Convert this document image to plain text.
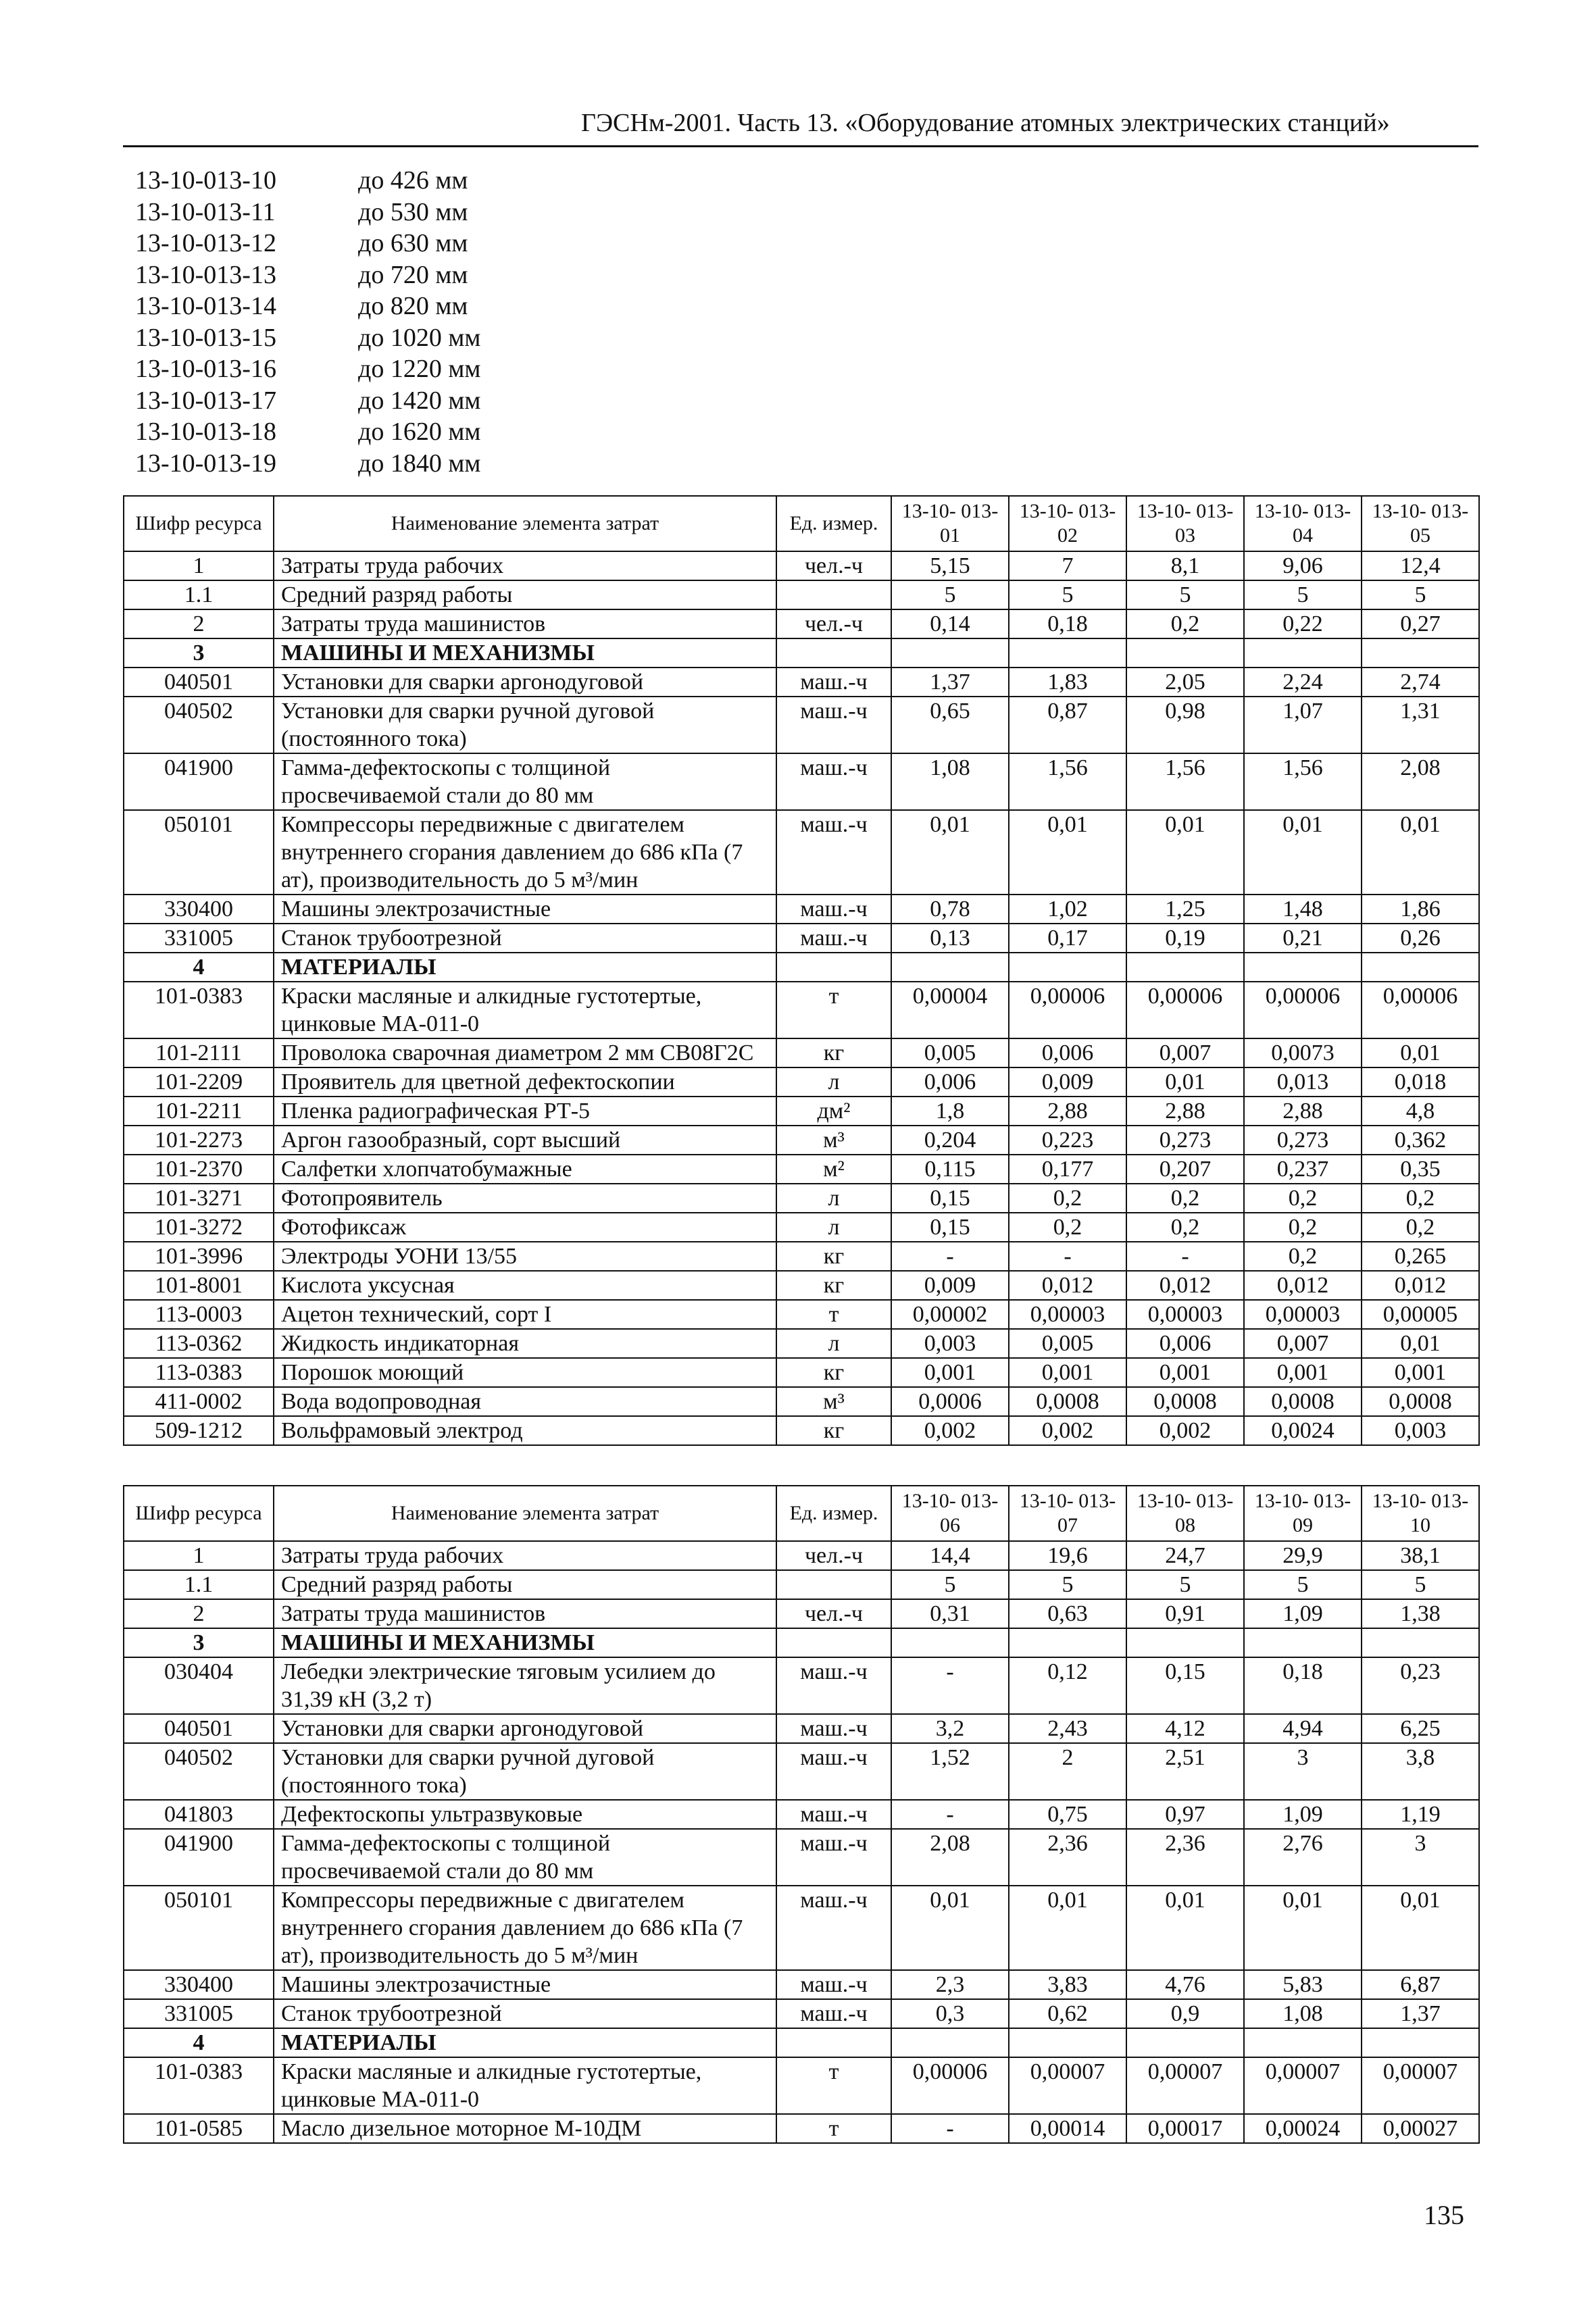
ГЭСНм-2001. Часть 13. «Оборудование атомных электрических станций»
13-10-013-10	до 426 мм
13-10-013-11	до 530 мм
13-10-013-12	до 630 мм
13-10-013-13	до 720 мм
13-10-013-14	до 820 мм
13-10-013-15	до 1020 мм
13-10-013-16	до 1220 мм
13-10-013-17	до 1420 мм
13-10-013-18	до 1620 мм
13-10-013-19	до 1840 мм
Шифр ресурса	Наименование элемента затрат	Ед. измер.	13-10- 013-01	13-10- 013-02	13-10- 013-03	13-10- 013-04	13-10- 013-05
1	Затраты труда рабочих	чел.-ч	5,15	7	8,1	9,06	12,4
1.1	Средний разряд работы		5	5	5	5	5
2	Затраты труда машинистов	чел.-ч	0,14	0,18	0,2	0,22	0,27
3	МАШИНЫ И МЕХАНИЗМЫ						
040501	Установки для сварки аргонодуговой	маш.-ч	1,37	1,83	2,05	2,24	2,74
040502	Установки для сварки ручной дуговой (постоянного тока)	маш.-ч	0,65	0,87	0,98	1,07	1,31
041900	Гамма-дефектоскопы с толщиной просвечиваемой стали до 80 мм	маш.-ч	1,08	1,56	1,56	1,56	2,08
050101	Компрессоры передвижные с двигателем внутреннего сгорания давлением до 686 кПа (7 ат), производительность до 5 м³/мин	маш.-ч	0,01	0,01	0,01	0,01	0,01
330400	Машины электрозачистные	маш.-ч	0,78	1,02	1,25	1,48	1,86
331005	Станок трубоотрезной	маш.-ч	0,13	0,17	0,19	0,21	0,26
4	МАТЕРИАЛЫ						
101-0383	Краски масляные и алкидные густотертые, цинковые МА-011-0	т	0,00004	0,00006	0,00006	0,00006	0,00006
101-2111	Проволока сварочная диаметром 2 мм СВ08Г2С	кг	0,005	0,006	0,007	0,0073	0,01
101-2209	Проявитель для цветной дефектоскопии	л	0,006	0,009	0,01	0,013	0,018
101-2211	Пленка радиографическая РТ-5	дм²	1,8	2,88	2,88	2,88	4,8
101-2273	Аргон газообразный, сорт высший	м³	0,204	0,223	0,273	0,273	0,362
101-2370	Салфетки хлопчатобумажные	м²	0,115	0,177	0,207	0,237	0,35
101-3271	Фотопроявитель	л	0,15	0,2	0,2	0,2	0,2
101-3272	Фотофиксаж	л	0,15	0,2	0,2	0,2	0,2
101-3996	Электроды УОНИ 13/55	кг	-	-	-	0,2	0,265
101-8001	Кислота уксусная	кг	0,009	0,012	0,012	0,012	0,012
113-0003	Ацетон технический, сорт I	т	0,00002	0,00003	0,00003	0,00003	0,00005
113-0362	Жидкость индикаторная	л	0,003	0,005	0,006	0,007	0,01
113-0383	Порошок моющий	кг	0,001	0,001	0,001	0,001	0,001
411-0002	Вода водопроводная	м³	0,0006	0,0008	0,0008	0,0008	0,0008
509-1212	Вольфрамовый электрод	кг	0,002	0,002	0,002	0,0024	0,003
Шифр ресурса	Наименование элемента затрат	Ед. измер.	13-10- 013-06	13-10- 013-07	13-10- 013-08	13-10- 013-09	13-10- 013-10
1	Затраты труда рабочих	чел.-ч	14,4	19,6	24,7	29,9	38,1
1.1	Средний разряд работы		5	5	5	5	5
2	Затраты труда машинистов	чел.-ч	0,31	0,63	0,91	1,09	1,38
3	МАШИНЫ И МЕХАНИЗМЫ						
030404	Лебедки электрические тяговым усилием до 31,39 кН (3,2 т)	маш.-ч	-	0,12	0,15	0,18	0,23
040501	Установки для сварки аргонодуговой	маш.-ч	3,2	2,43	4,12	4,94	6,25
040502	Установки для сварки ручной дуговой (постоянного тока)	маш.-ч	1,52	2	2,51	3	3,8
041803	Дефектоскопы ультразвуковые	маш.-ч	-	0,75	0,97	1,09	1,19
041900	Гамма-дефектоскопы с толщиной просвечиваемой стали до 80 мм	маш.-ч	2,08	2,36	2,36	2,76	3
050101	Компрессоры передвижные с двигателем внутреннего сгорания давлением до 686 кПа (7 ат), производительность до 5 м³/мин	маш.-ч	0,01	0,01	0,01	0,01	0,01
330400	Машины электрозачистные	маш.-ч	2,3	3,83	4,76	5,83	6,87
331005	Станок трубоотрезной	маш.-ч	0,3	0,62	0,9	1,08	1,37
4	МАТЕРИАЛЫ						
101-0383	Краски масляные и алкидные густотертые, цинковые МА-011-0	т	0,00006	0,00007	0,00007	0,00007	0,00007
101-0585	Масло дизельное моторное М-10ДМ	т	-	0,00014	0,00017	0,00024	0,00027
135
